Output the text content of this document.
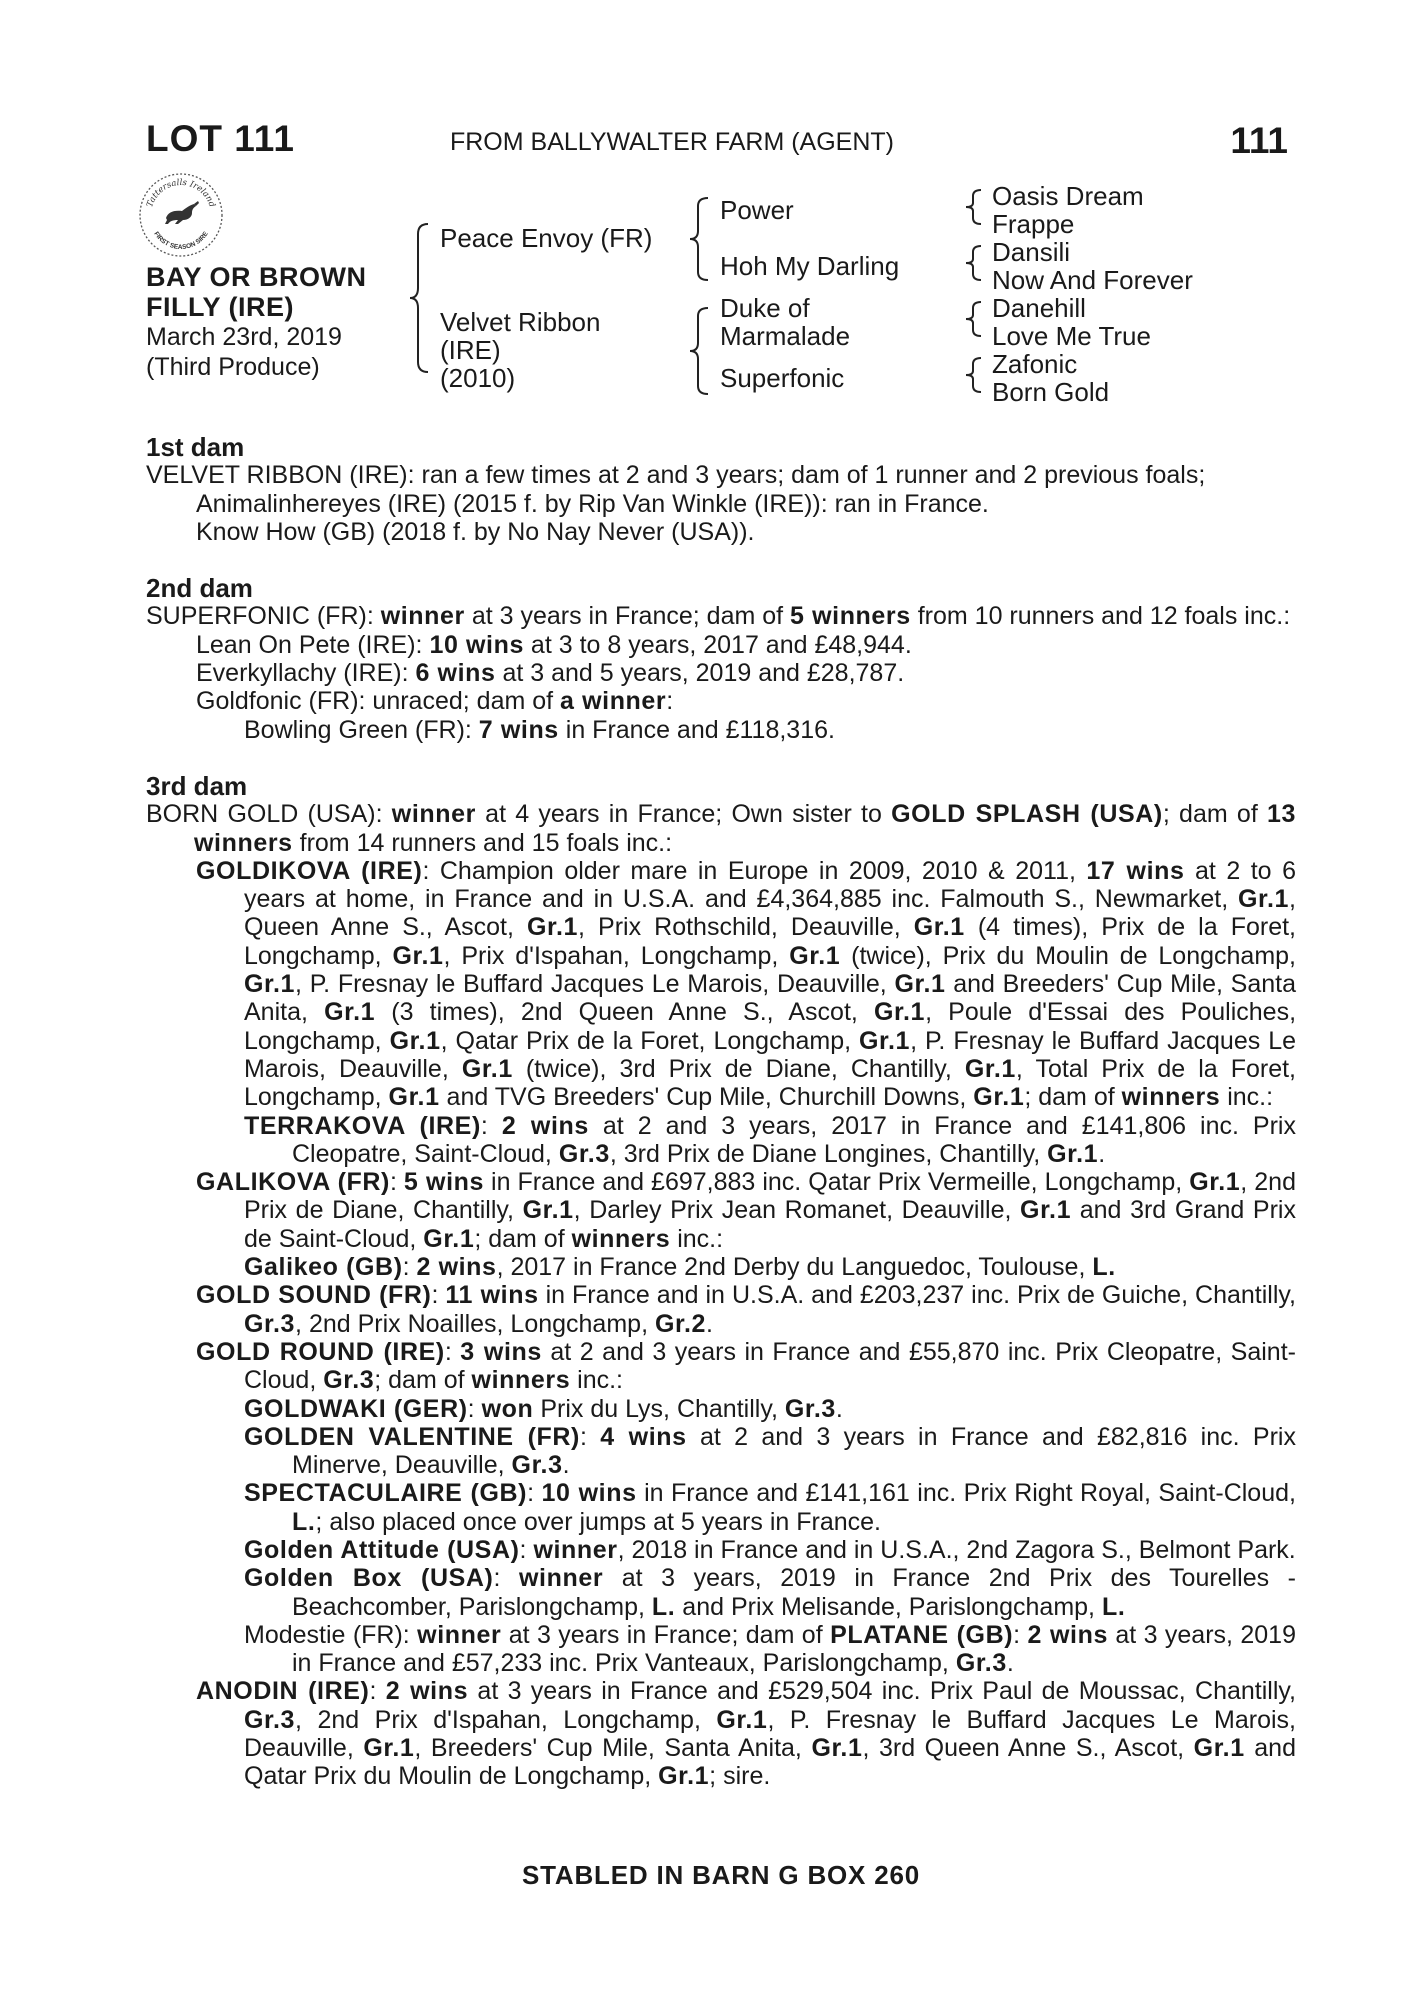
LOT 111	FROM BALLYWALTER FARM (AGENT)	111
Tattersalls Ireland
FIRST SEASON SIRE
BAY OR BROWN
FILLY (IRE)
March 23rd, 2019
(Third Produce)
Peace Envoy (FR)
Velvet Ribbon
(IRE)
(2010)
Power
Hoh My Darling
Duke of
Marmalade
Superfonic
Oasis Dream
Frappe
Dansili
Now And Forever
Danehill
Love Me True
Zafonic
Born Gold
1st dam

VELVET RIBBON (IRE): ran a few times at 2 and 3 years; dam of 1 runner and 2 previous foals;

Animalinhereyes (IRE) (2015 f. by Rip Van Winkle (IRE)): ran in France.

Know How (GB) (2018 f. by No Nay Never (USA)).

2nd dam

SUPERFONIC (FR): winner at 3 years in France; dam of 5 winners from 10 runners and 12 foals inc.:

Lean On Pete (IRE): 10 wins at 3 to 8 years, 2017 and £48,944.

Everkyllachy (IRE): 6 wins at 3 and 5 years, 2019 and £28,787.

Goldfonic (FR): unraced; dam of a winner:

Bowling Green (FR): 7 wins in France and £118,316.

3rd dam

BORN GOLD (USA): winner at 4 years in France; Own sister to GOLD SPLASH (USA); dam of 13 winners from 14 runners and 15 foals inc.:

GOLDIKOVA (IRE): Champion older mare in Europe in 2009, 2010 & 2011, 17 wins at 2 to 6 years at home, in France and in U.S.A. and £4,364,885 inc. Falmouth S., Newmarket, Gr.1, Queen Anne S., Ascot, Gr.1, Prix Rothschild, Deauville, Gr.1 (4 times), Prix de la Foret, Longchamp, Gr.1, Prix d'Ispahan, Longchamp, Gr.1 (twice), Prix du Moulin de Longchamp, Gr.1, P. Fresnay le Buffard Jacques Le Marois, Deauville, Gr.1 and Breeders' Cup Mile, Santa Anita, Gr.1 (3 times), 2nd Queen Anne S., Ascot, Gr.1, Poule d'Essai des Pouliches, Longchamp, Gr.1, Qatar Prix de la Foret, Longchamp, Gr.1, P. Fresnay le Buffard Jacques Le Marois, Deauville, Gr.1 (twice), 3rd Prix de Diane, Chantilly, Gr.1, Total Prix de la Foret, Longchamp, Gr.1 and TVG Breeders' Cup Mile, Churchill Downs, Gr.1; dam of winners inc.:

TERRAKOVA (IRE): 2 wins at 2 and 3 years, 2017 in France and £141,806 inc. Prix Cleopatre, Saint-Cloud, Gr.3, 3rd Prix de Diane Longines, Chantilly, Gr.1.

GALIKOVA (FR): 5 wins in France and £697,883 inc. Qatar Prix Vermeille, Longchamp, Gr.1, 2nd Prix de Diane, Chantilly, Gr.1, Darley Prix Jean Romanet, Deauville, Gr.1 and 3rd Grand Prix de Saint-Cloud, Gr.1; dam of winners inc.:

Galikeo (GB): 2 wins, 2017 in France 2nd Derby du Languedoc, Toulouse, L.

GOLD SOUND (FR): 11 wins in France and in U.S.A. and £203,237 inc. Prix de Guiche, Chantilly, Gr.3, 2nd Prix Noailles, Longchamp, Gr.2.

GOLD ROUND (IRE): 3 wins at 2 and 3 years in France and £55,870 inc. Prix Cleopatre, Saint-Cloud, Gr.3; dam of winners inc.:

GOLDWAKI (GER): won Prix du Lys, Chantilly, Gr.3.

GOLDEN VALENTINE (FR): 4 wins at 2 and 3 years in France and £82,816 inc. Prix Minerve, Deauville, Gr.3.

SPECTACULAIRE (GB): 10 wins in France and £141,161 inc. Prix Right Royal, Saint-Cloud, L.; also placed once over jumps at 5 years in France.

Golden Attitude (USA): winner, 2018 in France and in U.S.A., 2nd Zagora S., Belmont Park.

Golden Box (USA): winner at 3 years, 2019 in France 2nd Prix des Tourelles - Beachcomber, Parislongchamp, L. and Prix Melisande, Parislongchamp, L.

Modestie (FR): winner at 3 years in France; dam of PLATANE (GB): 2 wins at 3 years, 2019 in France and £57,233 inc. Prix Vanteaux, Parislongchamp, Gr.3.

ANODIN (IRE): 2 wins at 3 years in France and £529,504 inc. Prix Paul de Moussac, Chantilly, Gr.3, 2nd Prix d'Ispahan, Longchamp, Gr.1, P. Fresnay le Buffard Jacques Le Marois, Deauville, Gr.1, Breeders' Cup Mile, Santa Anita, Gr.1, 3rd Queen Anne S., Ascot, Gr.1 and Qatar Prix du Moulin de Longchamp, Gr.1; sire.

STABLED IN BARN G BOX 260
